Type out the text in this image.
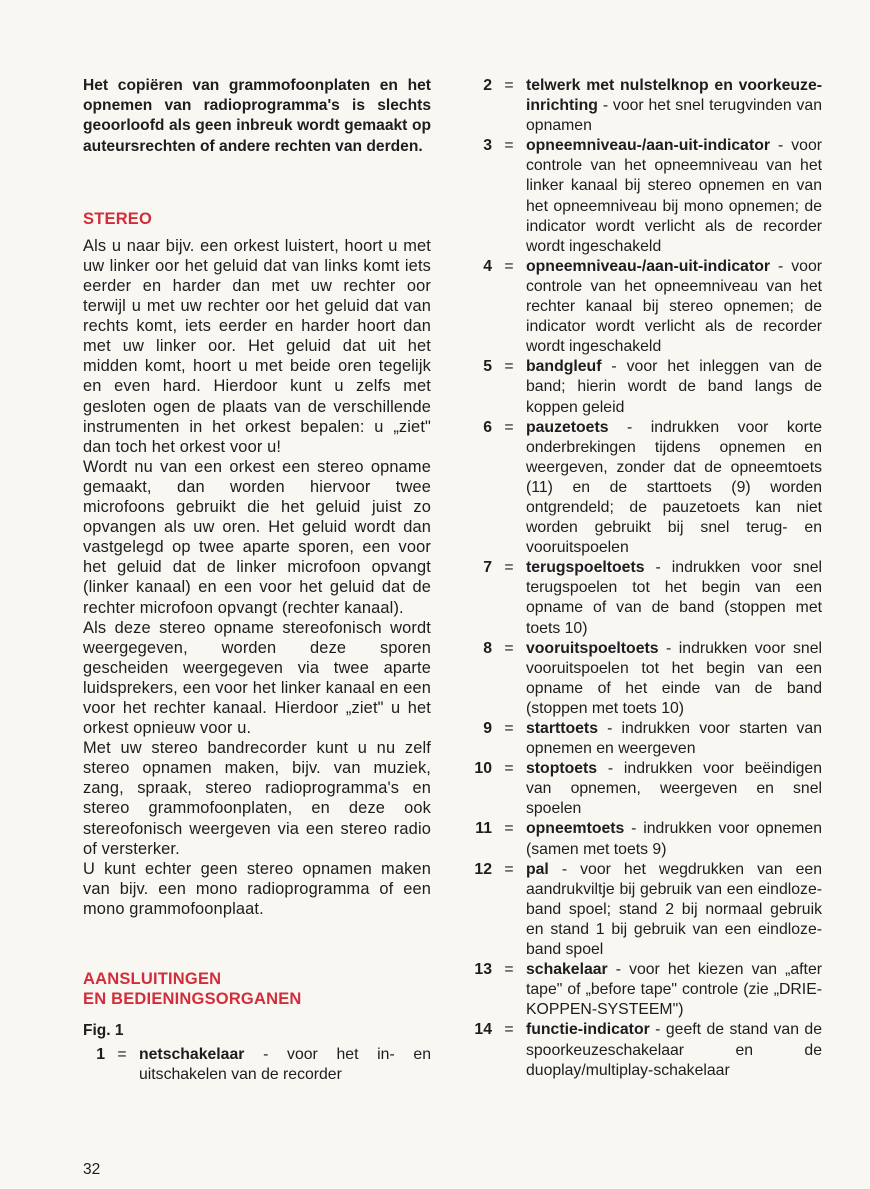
Het copiëren van grammofoonplaten en het opnemen van radioprogramma's is slechts geoorloofd als geen inbreuk wordt gemaakt op auteursrechten of andere rechten van derden.

STEREO

Als u naar bijv. een orkest luistert, hoort u met uw linker oor het geluid dat van links komt iets eerder en harder dan met uw rechter oor terwijl u met uw rechter oor het geluid dat van rechts komt, iets eerder en harder hoort dan met uw linker oor. Het geluid dat uit het midden komt, hoort u met beide oren tegelijk en even hard. Hierdoor kunt u zelfs met gesloten ogen de plaats van de verschillende instrumenten in het orkest bepalen: u „ziet" dan toch het orkest voor u!

Wordt nu van een orkest een stereo opname gemaakt, dan worden hiervoor twee microfoons gebruikt die het geluid juist zo opvangen als uw oren. Het geluid wordt dan vastgelegd op twee aparte sporen, een voor het geluid dat de linker microfoon opvangt (linker kanaal) en een voor het geluid dat de rechter microfoon opvangt (rechter kanaal).

Als deze stereo opname stereofonisch wordt weergegeven, worden deze sporen gescheiden weergegeven via twee aparte luidsprekers, een voor het linker kanaal en een voor het rechter kanaal. Hierdoor „ziet" u het orkest opnieuw voor u.

Met uw stereo bandrecorder kunt u nu zelf stereo opnamen maken, bijv. van muziek, zang, spraak, stereo radioprogramma's en stereo grammofoonplaten, en deze ook stereofonisch weergeven via een stereo radio of versterker.

U kunt echter geen stereo opnamen maken van bijv. een mono radioprogramma of een mono grammofoonplaat.

AANSLUITINGEN
EN BEDIENINGSORGANEN

Fig. 1

1 = netschakelaar - voor het in- en uitschakelen van de recorder
2 = telwerk met nulstelknop en voorkeuze-inrichting - voor het snel terugvinden van opnamen
3 = opneemniveau-/aan-uit-indicator - voor controle van het opneemniveau van het linker kanaal bij stereo opnemen en van het opneemniveau bij mono opnemen; de indicator wordt verlicht als de recorder wordt ingeschakeld
4 = opneemniveau-/aan-uit-indicator - voor controle van het opneemniveau van het rechter kanaal bij stereo opnemen; de indicator wordt verlicht als de recorder wordt ingeschakeld
5 = bandgleuf - voor het inleggen van de band; hierin wordt de band langs de koppen geleid
6 = pauzetoets - indrukken voor korte onderbrekingen tijdens opnemen en weergeven, zonder dat de opneemtoets (11) en de starttoets (9) worden ontgrendeld; de pauzetoets kan niet worden gebruikt bij snel terug- en vooruitspoelen
7 = terugspoeltoets - indrukken voor snel terugspoelen tot het begin van een opname of van de band (stoppen met toets 10)
8 = vooruitspoeltoets - indrukken voor snel vooruitspoelen tot het begin van een opname of het einde van de band (stoppen met toets 10)
9 = starttoets - indrukken voor starten van opnemen en weergeven
10 = stoptoets - indrukken voor beëindigen van opnemen, weergeven en snel spoelen
11 = opneemtoets - indrukken voor opnemen (samen met toets 9)
12 = pal - voor het wegdrukken van een aandrukviltje bij gebruik van een eindloze-band spoel; stand 2 bij normaal gebruik en stand 1 bij gebruik van een eindloze-band spoel
13 = schakelaar - voor het kiezen van „after tape" of „before tape" controle (zie „DRIE-KOPPEN-SYSTEEM")
14 = functie-indicator - geeft de stand van de spoorkeuzeschakelaar en de duoplay/multiplay-schakelaar
32
